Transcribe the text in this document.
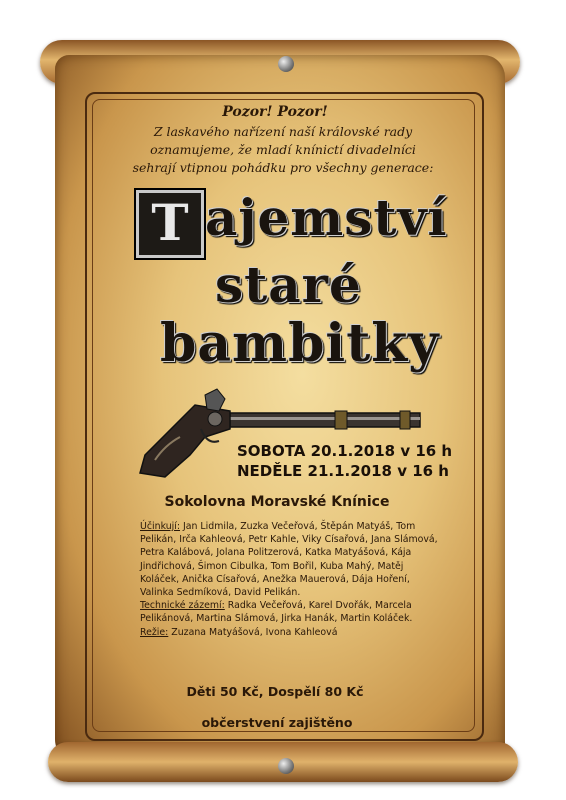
Pozor! Pozor!
Z laskavého nařízení naší královské rady
oznamujeme, že mladí knínictí divadelníci
sehrají vtipnou pohádku pro všechny generace:
T ajemství
staré
bambitky
SOBOTA 20.1.2018 v 16 h
NEDĚLE 21.1.2018 v 16 h
Sokolovna Moravské Knínice
Účinkují: Jan Lidmila, Zuzka Večeřová, Štěpán Matyáš, Tom Pelikán, Irča Kahleová, Petr Kahle, Viky Císařová, Jana Slámová, Petra Kalábová, Jolana Politzerová, Katka Matyášová, Kája Jindřichová, Šimon Cibulka, Tom Bořil, Kuba Mahý, Matěj Koláček, Anička Císařová, Anežka Mauerová, Dája Hoření, Valinka Sedmíková, David Pelikán.
Technické zázemí: Radka Večeřová, Karel Dvořák, Marcela Pelikánová, Martina Slámová, Jirka Hanák, Martin Koláček.
Režie: Zuzana Matyášová, Ivona Kahleová
Děti 50 Kč, Dospělí 80 Kč
občerstvení zajištěno
